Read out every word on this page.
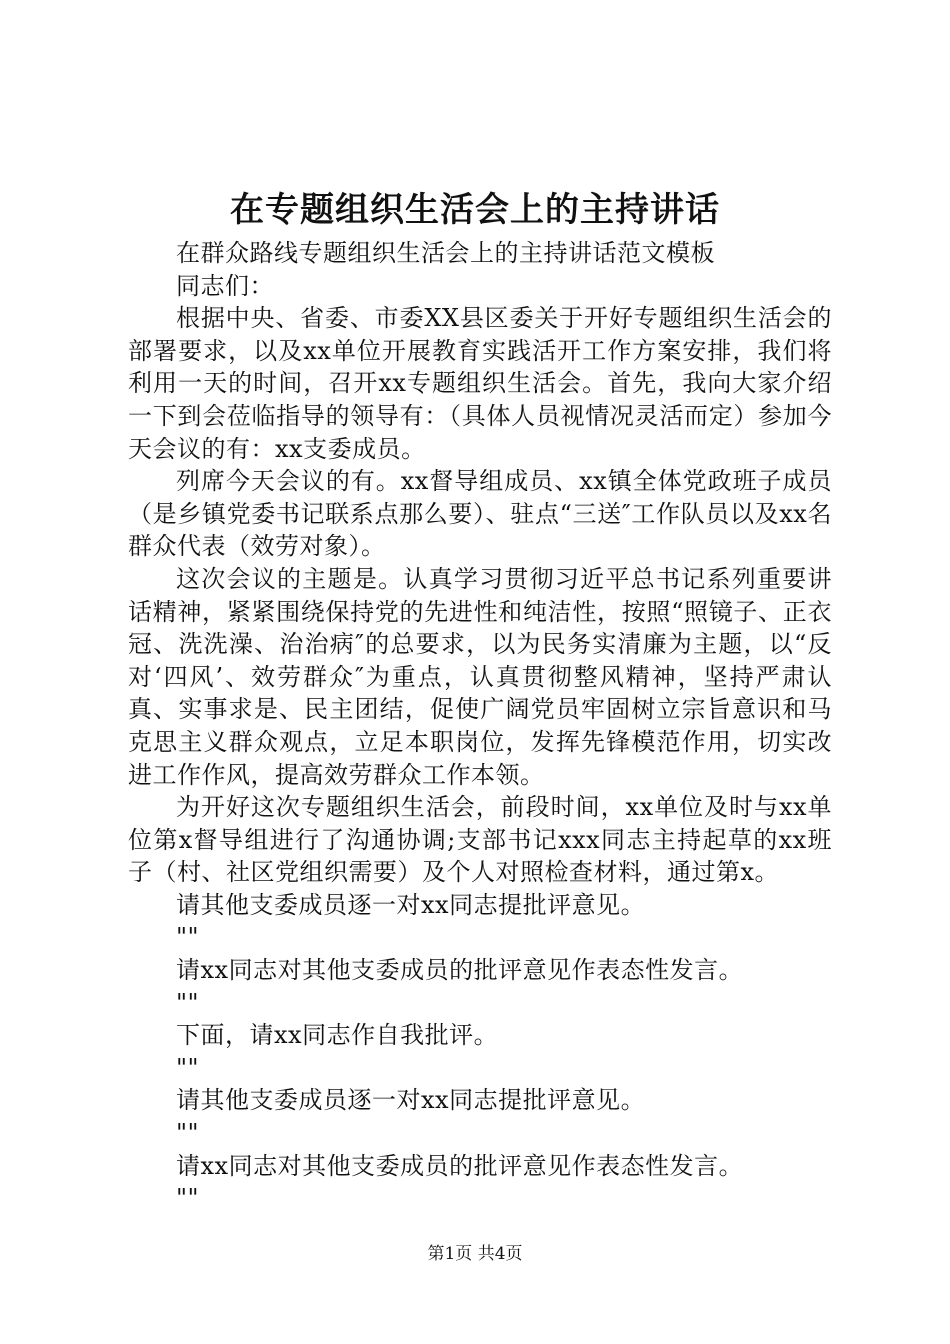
在专题组织生活会上的主持讲话

在群众路线专题组织生活会上的主持讲话范文模板

同志们：

根据中央、省委、市委XX县区委关于开好专题组织生活会的部署要求，以及xx单位开展教育实践活开工作方案安排，我们将利用一天的时间，召开xx专题组织生活会。首先，我向大家介绍一下到会莅临指导的领导有：（具体人员视情况灵活而定）参加今天会议的有：xx支委成员。

列席今天会议的有。xx督导组成员、xx镇全体党政班子成员（是乡镇党委书记联系点那么要）、驻点“三送″工作队员以及xx名群众代表（效劳对象）。

这次会议的主题是。认真学习贯彻习近平总书记系列重要讲话精神，紧紧围绕保持党的先进性和纯洁性，按照“照镜子、正衣冠、洗洗澡、治治病″的总要求，以为民务实清廉为主题，以“反对‘四风’、效劳群众″为重点，认真贯彻整风精神，坚持严肃认真、实事求是、民主团结，促使广阔党员牢固树立宗旨意识和马克思主义群众观点，立足本职岗位，发挥先锋模范作用，切实改进工作作风，提高效劳群众工作本领。

为开好这次专题组织生活会，前段时间，xx单位及时与xx单位第x督导组进行了沟通协调;支部书记xxx同志主持起草的xx班子（村、社区党组织需要）及个人对照检查材料，通过第x。

请其他支委成员逐一对xx同志提批评意见。

""

请xx同志对其他支委成员的批评意见作表态性发言。

""

下面，请xx同志作自我批评。

""

请其他支委成员逐一对xx同志提批评意见。

""

请xx同志对其他支委成员的批评意见作表态性发言。

""

第1页 共4页
